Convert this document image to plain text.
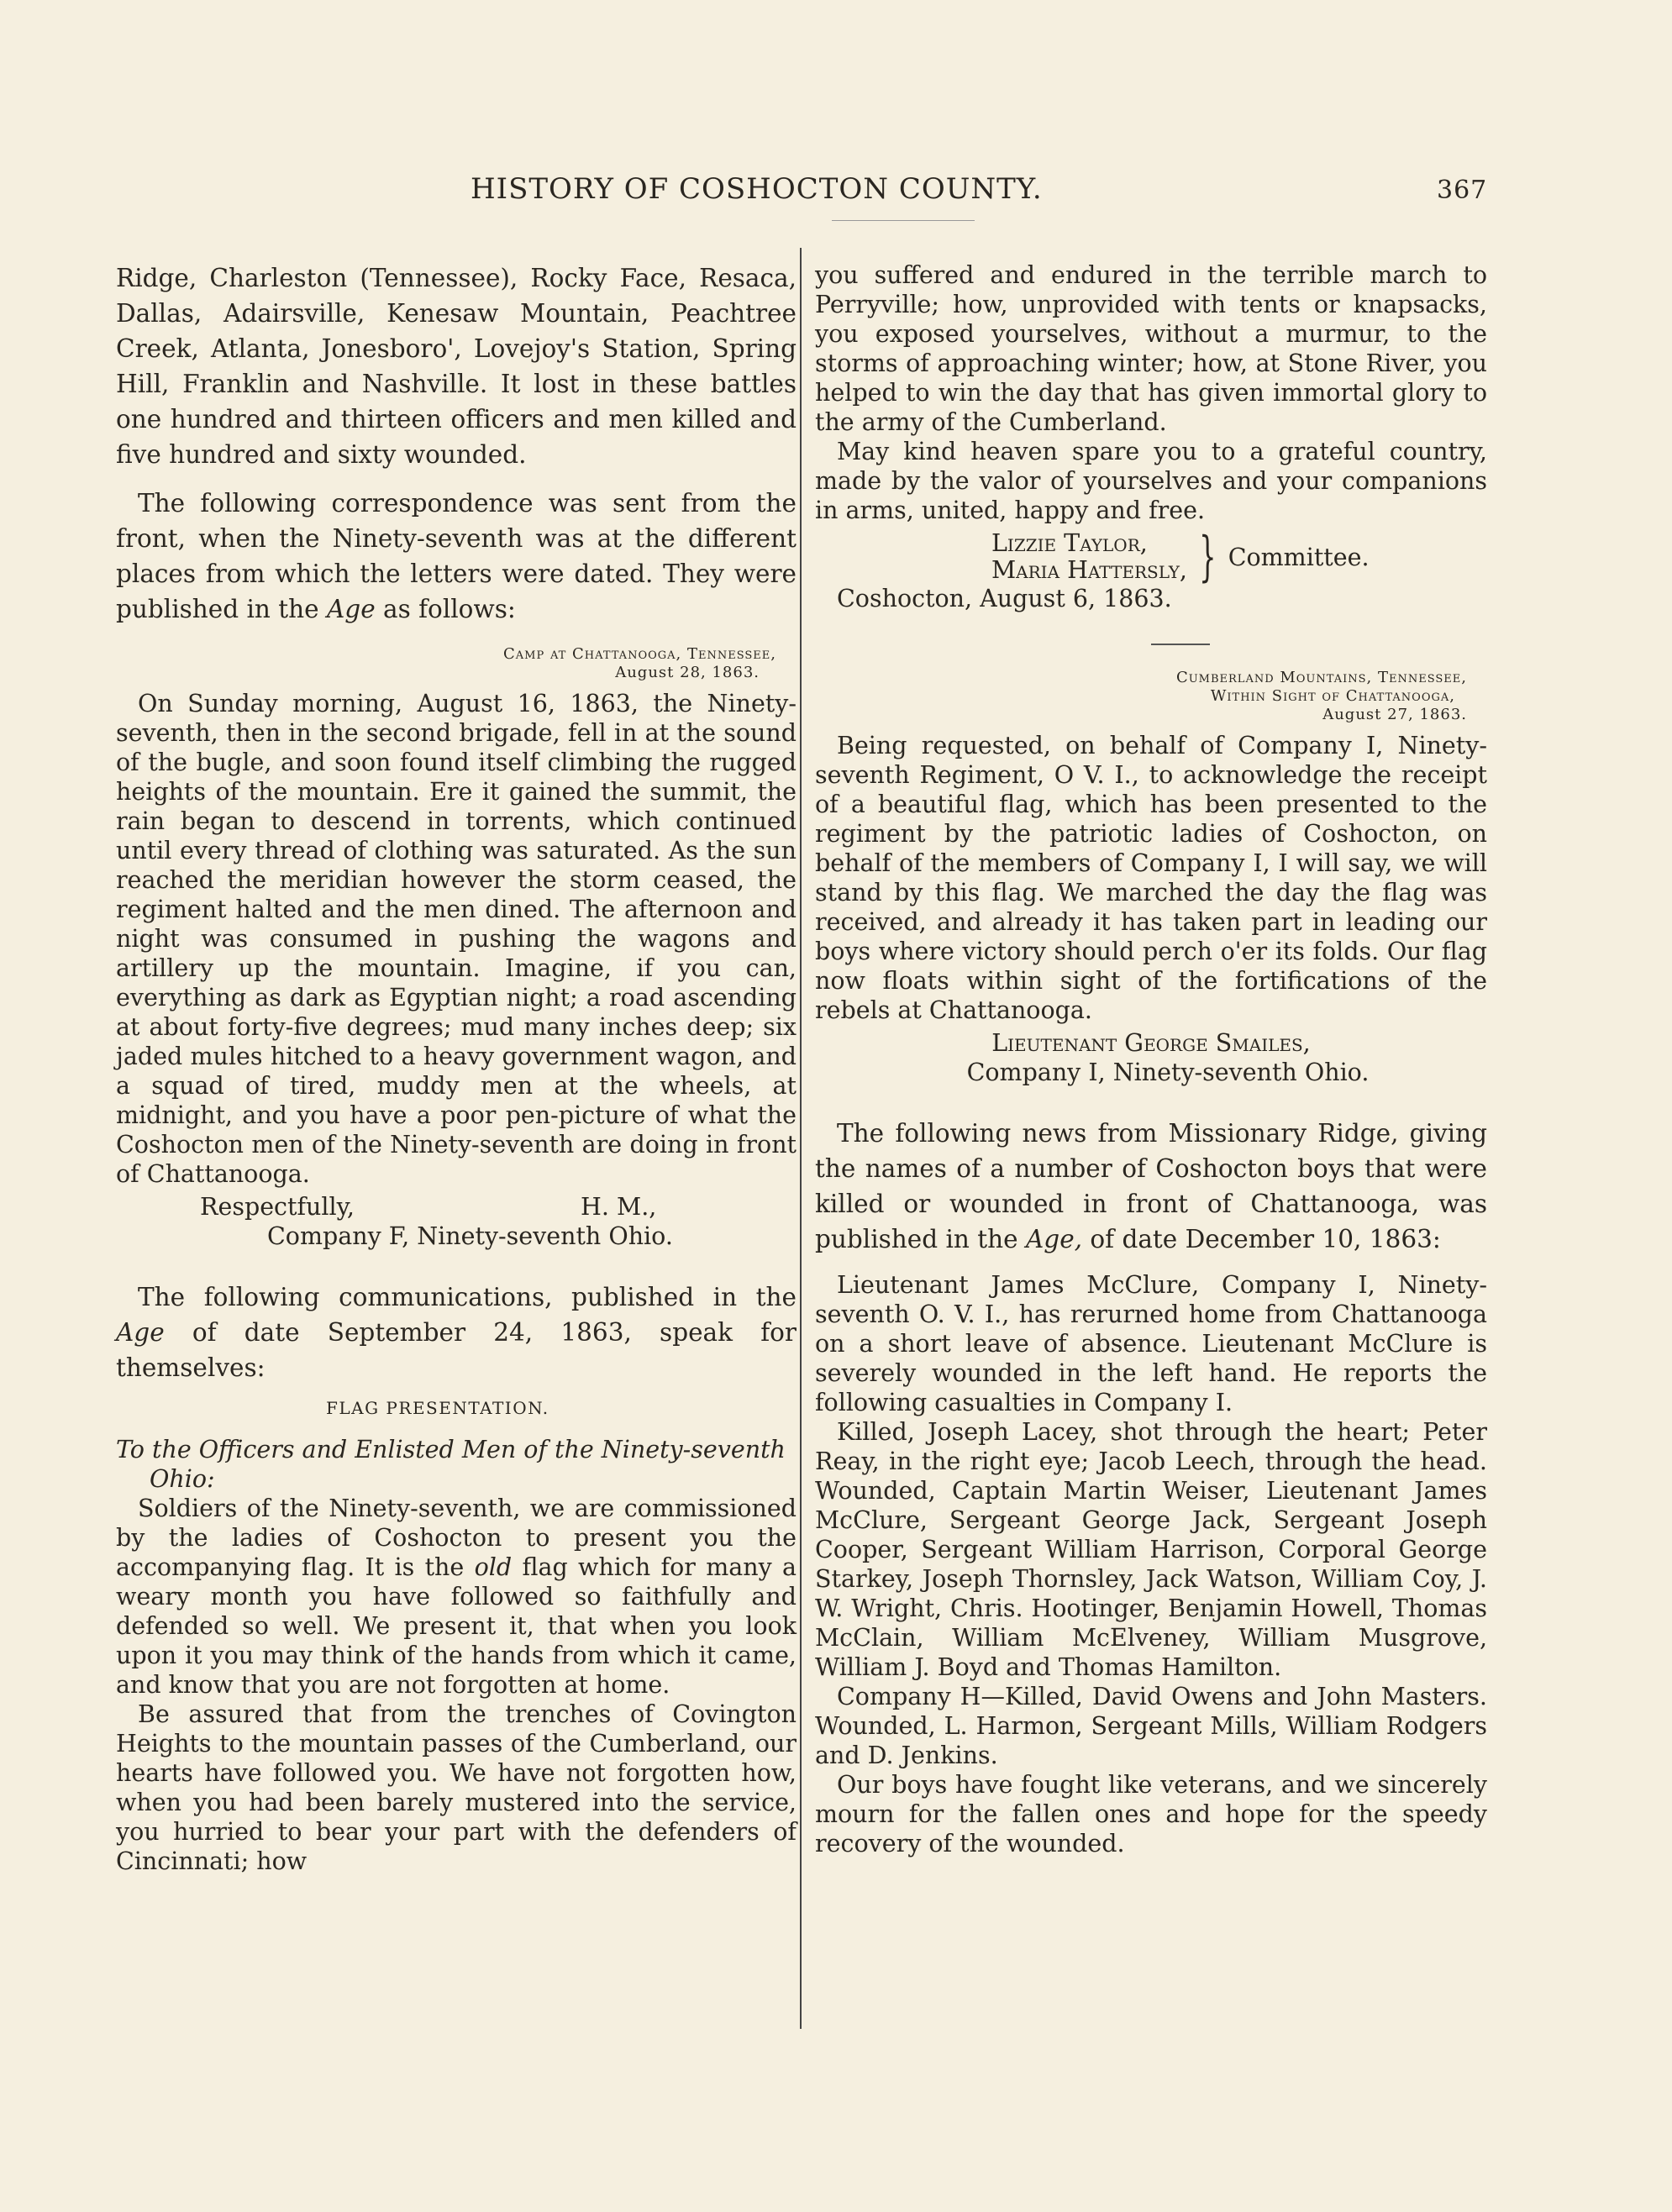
HISTORY OF COSHOCTON COUNTY.	367

Ridge, Charleston (Tennessee), Rocky Face, Resaca, Dallas, Adairsville, Kenesaw Mountain, Peachtree Creek, Atlanta, Jonesboro', Lovejoy's Station, Spring Hill, Franklin and Nashville. It lost in these battles one hundred and thirteen officers and men killed and five hundred and sixty wounded.

The following correspondence was sent from the front, when the Ninety-seventh was at the different places from which the letters were dated. They were published in the Age as follows:

Camp at Chattanooga, Tennessee,
August 28, 1863.

On Sunday morning, August 16, 1863, the Ninety-seventh, then in the second brigade, fell in at the sound of the bugle, and soon found itself climbing the rugged heights of the mountain. Ere it gained the summit, the rain began to descend in torrents, which continued until every thread of clothing was saturated. As the sun reached the meridian however the storm ceased, the regiment halted and the men dined. The afternoon and night was consumed in pushing the wagons and artillery up the mountain. Imagine, if you can, everything as dark as Egyptian night; a road ascending at about forty-five degrees; mud many inches deep; six jaded mules hitched to a heavy government wagon, and a squad of tired, muddy men at the wheels, at midnight, and you have a poor pen-picture of what the Coshocton men of the Ninety-seventh are doing in front of Chattanooga.

Respectfully,	H. M.,
Company F, Ninety-seventh Ohio.

The following communications, published in the Age of date September 24, 1863, speak for themselves:

FLAG PRESENTATION.
To the Officers and Enlisted Men of the Ninety-seventh
Ohio:

Soldiers of the Ninety-seventh, we are commissioned by the ladies of Coshocton to present you the accompanying flag. It is the old flag which for many a weary month you have followed so faithfully and defended so well. We present it, that when you look upon it you may think of the hands from which it came, and know that you are not forgotten at home.

Be assured that from the trenches of Covington Heights to the mountain passes of the Cumberland, our hearts have followed you. We have not forgotten how, when you had been barely mustered into the service, you hurried to bear your part with the defenders of Cincinnati; how

you suffered and endured in the terrible march to Perryville; how, unprovided with tents or knapsacks, you exposed yourselves, without a murmur, to the storms of approaching winter; how, at Stone River, you helped to win the day that has given immortal glory to the army of the Cumberland.

May kind heaven spare you to a grateful country, made by the valor of yourselves and your companions in arms, united, happy and free.

Lizzie Taylor,
Maria Hattersly, } Committee.

Coshocton, August 6, 1863.

Cumberland Mountains, Tennessee,
Within Sight of Chattanooga,
August 27, 1863.

Being requested, on behalf of Company I, Ninety-seventh Regiment, O V. I., to acknowledge the receipt of a beautiful flag, which has been presented to the regiment by the patriotic ladies of Coshocton, on behalf of the members of Company I, I will say, we will stand by this flag. We marched the day the flag was received, and already it has taken part in leading our boys where victory should perch o'er its folds. Our flag now floats within sight of the fortifications of the rebels at Chattanooga.

Lieutenant George Smailes,
Company I, Ninety-seventh Ohio.

The following news from Missionary Ridge, giving the names of a number of Coshocton boys that were killed or wounded in front of Chattanooga, was published in the Age, of date December 10, 1863:

Lieutenant James McClure, Company I, Ninety-seventh O. V. I., has rerurned home from Chattanooga on a short leave of absence. Lieutenant McClure is severely wounded in the left hand. He reports the following casualties in Company I.

Killed, Joseph Lacey, shot through the heart; Peter Reay, in the right eye; Jacob Leech, through the head. Wounded, Captain Martin Weiser, Lieutenant James McClure, Sergeant George Jack, Sergeant Joseph Cooper, Sergeant William Harrison, Corporal George Starkey, Joseph Thornsley, Jack Watson, William Coy, J. W. Wright, Chris. Hootinger, Benjamin Howell, Thomas McClain, William McElveney, William Musgrove, William J. Boyd and Thomas Hamilton.

Company H—Killed, David Owens and John Masters. Wounded, L. Harmon, Sergeant Mills, William Rodgers and D. Jenkins.

Our boys have fought like veterans, and we sincerely mourn for the fallen ones and hope for the speedy recovery of the wounded.
